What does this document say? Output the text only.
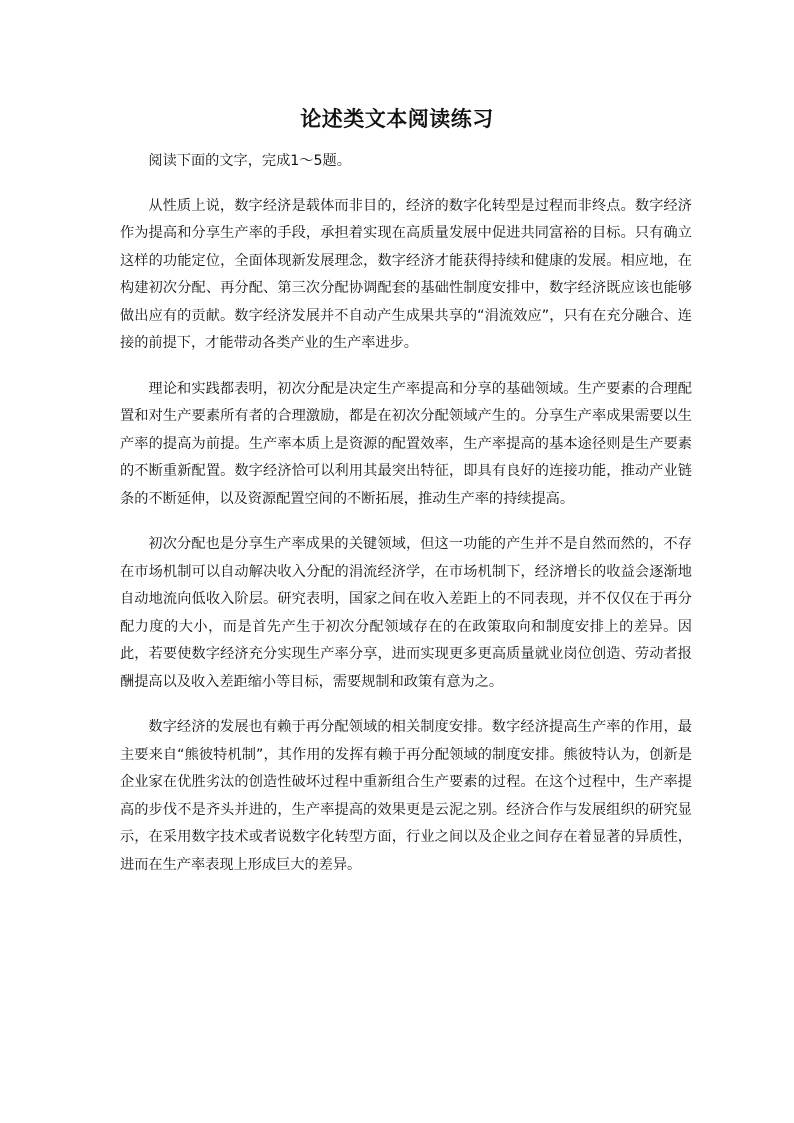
论述类文本阅读练习

阅读下面的文字，完成1～5题。

从性质上说，数字经济是载体而非目的，经济的数字化转型是过程而非终点。数字经济作为提高和分享生产率的手段，承担着实现在高质量发展中促进共同富裕的目标。只有确立这样的功能定位，全面体现新发展理念，数字经济才能获得持续和健康的发展。相应地，在构建初次分配、再分配、第三次分配协调配套的基础性制度安排中，数字经济既应该也能够做出应有的贡献。数字经济发展并不自动产生成果共享的“涓流效应”，只有在充分融合、连接的前提下，才能带动各类产业的生产率进步。

理论和实践都表明，初次分配是决定生产率提高和分享的基础领域。生产要素的合理配置和对生产要素所有者的合理激励，都是在初次分配领域产生的。分享生产率成果需要以生产率的提高为前提。生产率本质上是资源的配置效率，生产率提高的基本途径则是生产要素的不断重新配置。数字经济恰可以利用其最突出特征，即具有良好的连接功能，推动产业链条的不断延伸，以及资源配置空间的不断拓展，推动生产率的持续提高。

初次分配也是分享生产率成果的关键领域，但这一功能的产生并不是自然而然的，不存在市场机制可以自动解决收入分配的涓流经济学，在市场机制下，经济增长的收益会逐渐地自动地流向低收入阶层。研究表明，国家之间在收入差距上的不同表现，并不仅仅在于再分配力度的大小，而是首先产生于初次分配领域存在的在政策取向和制度安排上的差异。因此，若要使数字经济充分实现生产率分享，进而实现更多更高质量就业岗位创造、劳动者报酬提高以及收入差距缩小等目标，需要规制和政策有意为之。

数字经济的发展也有赖于再分配领域的相关制度安排。数字经济提高生产率的作用，最主要来自“熊彼特机制”，其作用的发挥有赖于再分配领域的制度安排。熊彼特认为，创新是企业家在优胜劣汰的创造性破坏过程中重新组合生产要素的过程。在这个过程中，生产率提高的步伐不是齐头并进的，生产率提高的效果更是云泥之别。经济合作与发展组织的研究显示，在采用数字技术或者说数字化转型方面，行业之间以及企业之间存在着显著的异质性，进而在生产率表现上形成巨大的差异。
